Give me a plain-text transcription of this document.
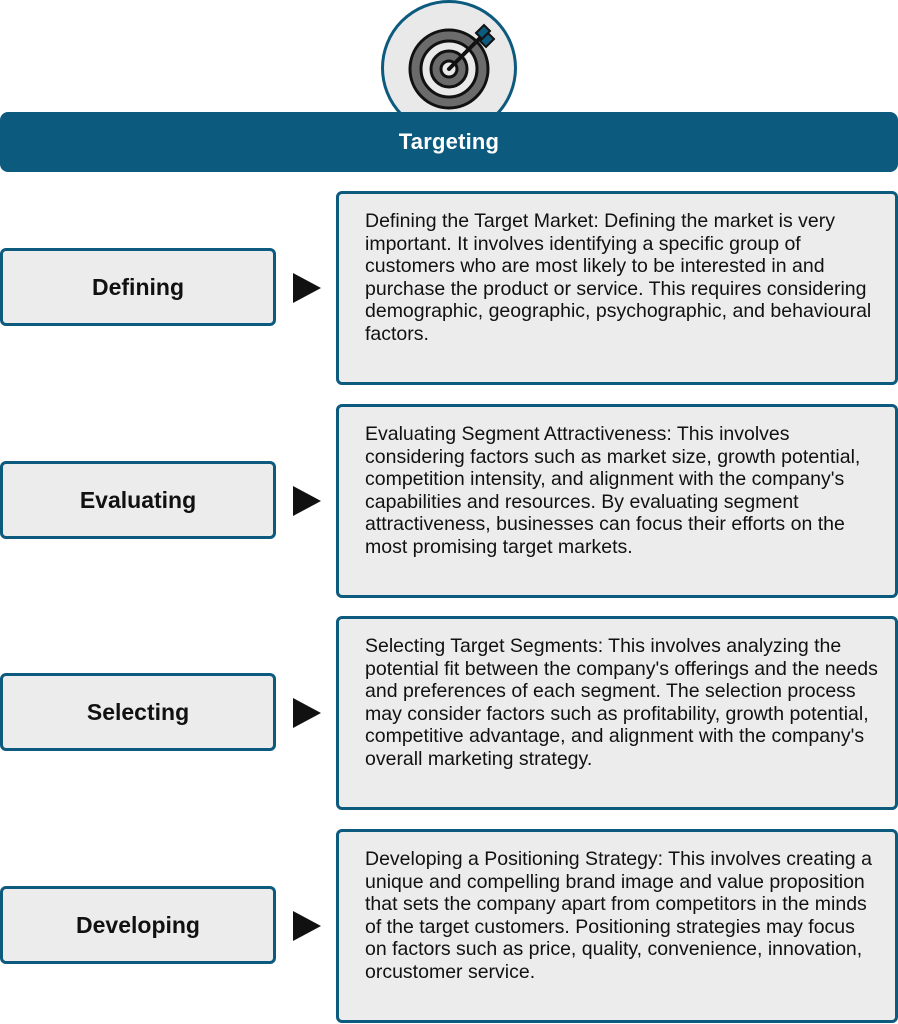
Targeting
Defining

Defining the Target Market: Defining the market is very important. It involves identifying a specific group of customers who are most likely to be interested in and purchase the product or service. This requires considering demographic, geographic, psychographic, and behavioural factors.

Evaluating

Evaluating Segment Attractiveness: This involves considering factors such as market size, growth potential, competition intensity, and alignment with the company's capabilities and resources. By evaluating segment attractiveness, businesses can focus their efforts on the most promising target markets.

Selecting

Selecting Target Segments: This involves analyzing the potential fit between the company's offerings and the needs and preferences of each segment. The selection process may consider factors such as profitability, growth potential, competitive advantage, and alignment with the company's overall marketing strategy.

Developing

Developing a Positioning Strategy: This involves creating a unique and compelling brand image and value proposition that sets the company apart from competitors in the minds of the target customers. Positioning strategies may focus on factors such as price, quality, convenience, innovation, orcustomer service.
